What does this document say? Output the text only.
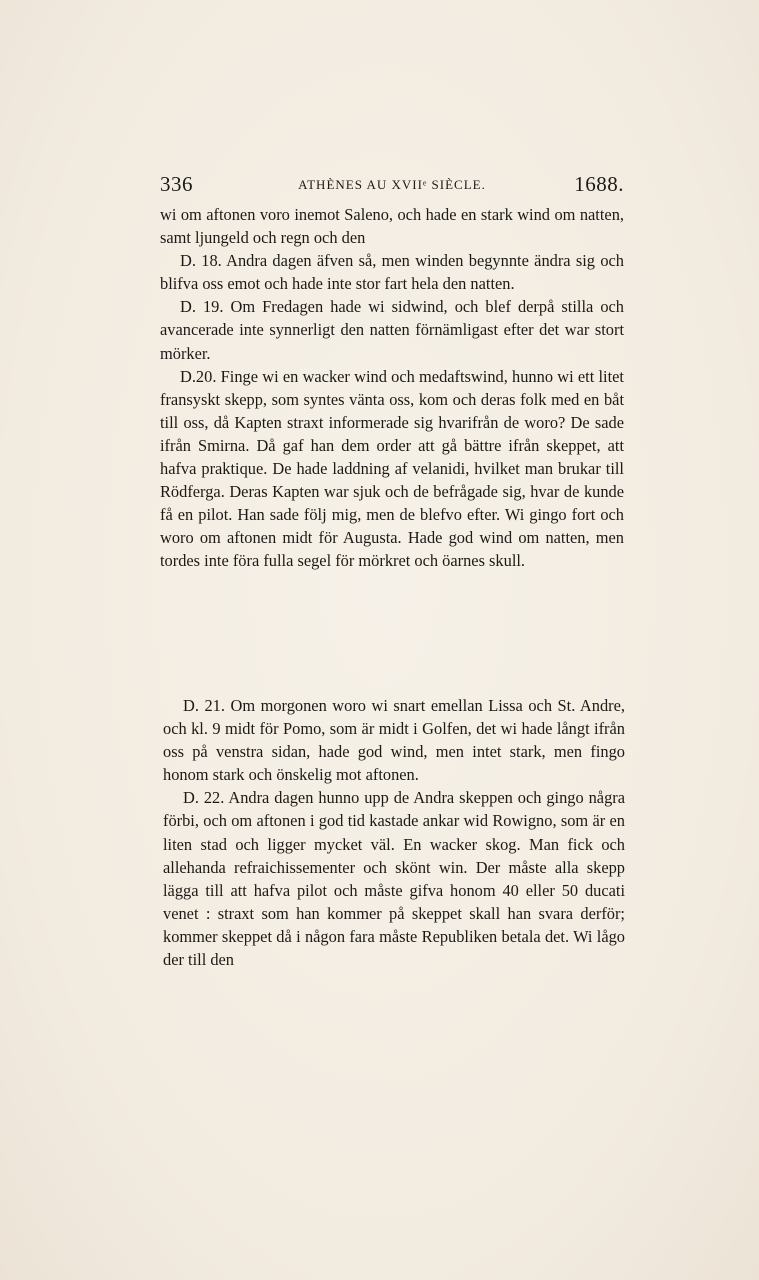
336	ATHÈNES AU XVIIᵉ SIÈCLE.	1688.

wi om aftonen voro inemot Saleno, och hade en stark wind om natten, samt ljungeld och regn och den

D. 18. Andra dagen äfven så, men winden begynnte ändra sig och blifva oss emot och hade inte stor fart hela den natten.

D. 19. Om Fredagen hade wi sidwind, och blef derpå stilla och avancerade inte synnerligt den natten förnämligast efter det war stort mörker.

D.20. Finge wi en wacker wind och medaftswind, hunno wi ett litet fransyskt skepp, som syntes vänta oss, kom och deras folk med en båt till oss, då Kapten straxt informerade sig hvarifrån de woro? De sade ifrån Smirna. Då gaf han dem order att gå bättre ifrån skeppet, att hafva praktique. De hade laddning af velanidi, hvilket man brukar till Rödferga. Deras Kapten war sjuk och de befrågade sig, hvar de kunde få en pilot. Han sade följ mig, men de blefvo efter. Wi gingo fort och woro om aftonen midt för Augusta. Hade god wind om natten, men tordes inte föra fulla segel för mörkret och öarnes skull.

D. 21. Om morgonen woro wi snart emellan Lissa och St. Andre, och kl. 9 midt för Pomo, som är midt i Golfen, det wi hade långt ifrån oss på venstra sidan, hade god wind, men intet stark, men fingo honom stark och önskelig mot aftonen.

D. 22. Andra dagen hunno upp de Andra skeppen och gingo några förbi, och om aftonen i god tid kastade ankar wid Rowigno, som är en liten stad och ligger mycket väl. En wacker skog. Man fick och allehanda refraichissementer och skönt win. Der måste alla skepp lägga till att hafva pilot och måste gifva honom 40 eller 50 ducati venet : straxt som han kommer på skeppet skall han svara derför; kommer skeppet då i någon fara måste Republiken betala det. Wi lågo der till den
